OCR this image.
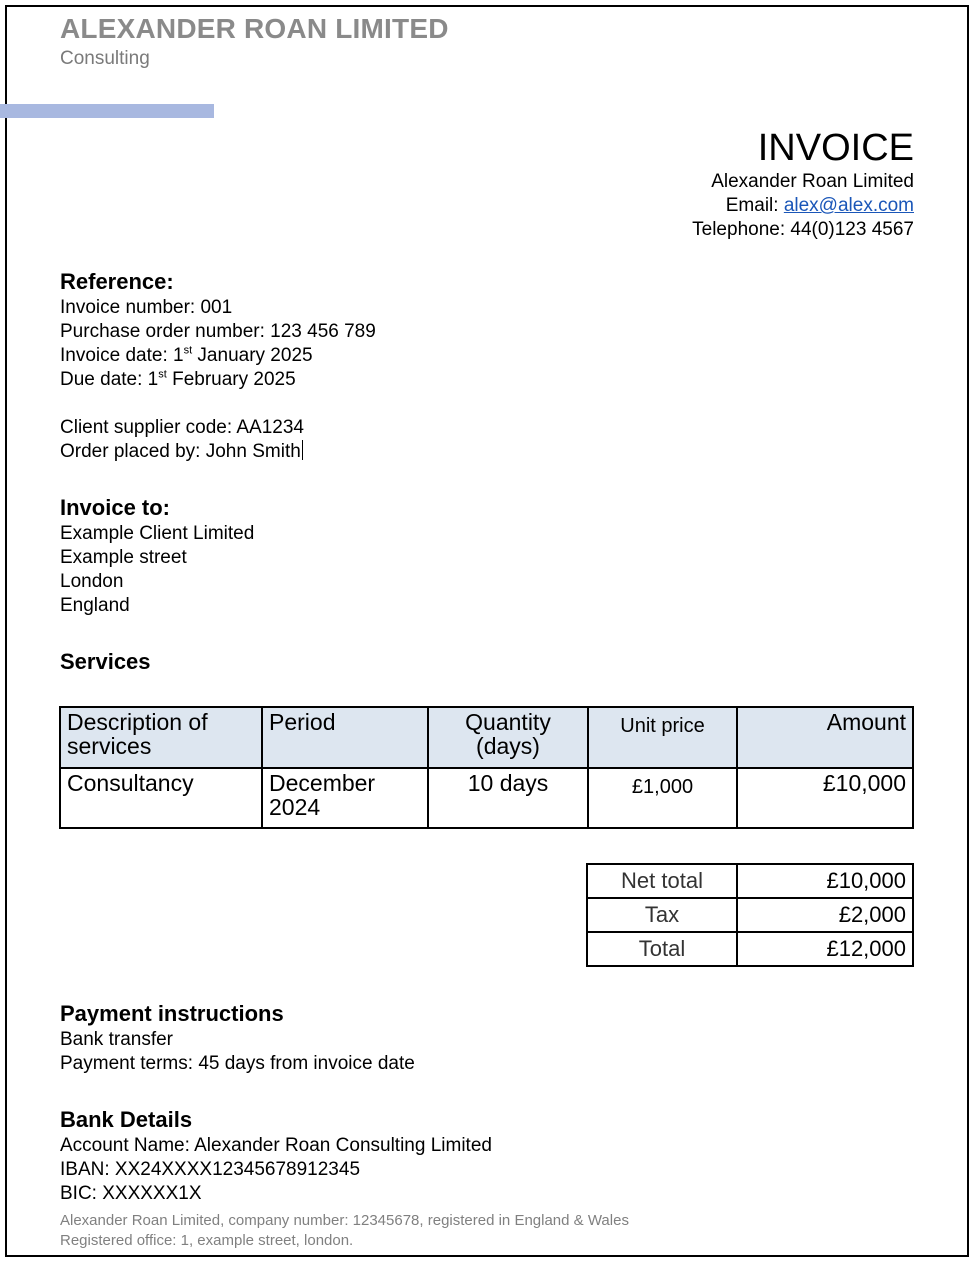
ALEXANDER ROAN LIMITED
Consulting
INVOICE
Alexander Roan Limited
Email: alex@alex.com
Telephone: 44(0)123 4567
Reference:
Invoice number: 001
Purchase order number: 123 456 789
Invoice date: 1st January 2025
Due date: 1st February 2025
Client supplier code: AA1234
Order placed by: John Smith
Invoice to:
Example Client Limited
Example street
London
England
Services
Description of services	Period	Quantity (days)	Unit price	Amount
Consultancy	December 2024	10 days	£1,000	£10,000
Net total	£10,000
Tax	£2,000
Total	£12,000
Payment instructions
Bank transfer
Payment terms: 45 days from invoice date
Bank Details
Account Name: Alexander Roan Consulting Limited
IBAN: XX24XXXX12345678912345
BIC: XXXXXX1X
Alexander Roan Limited, company number: 12345678, registered in England & Wales
Registered office: 1, example street, london.
